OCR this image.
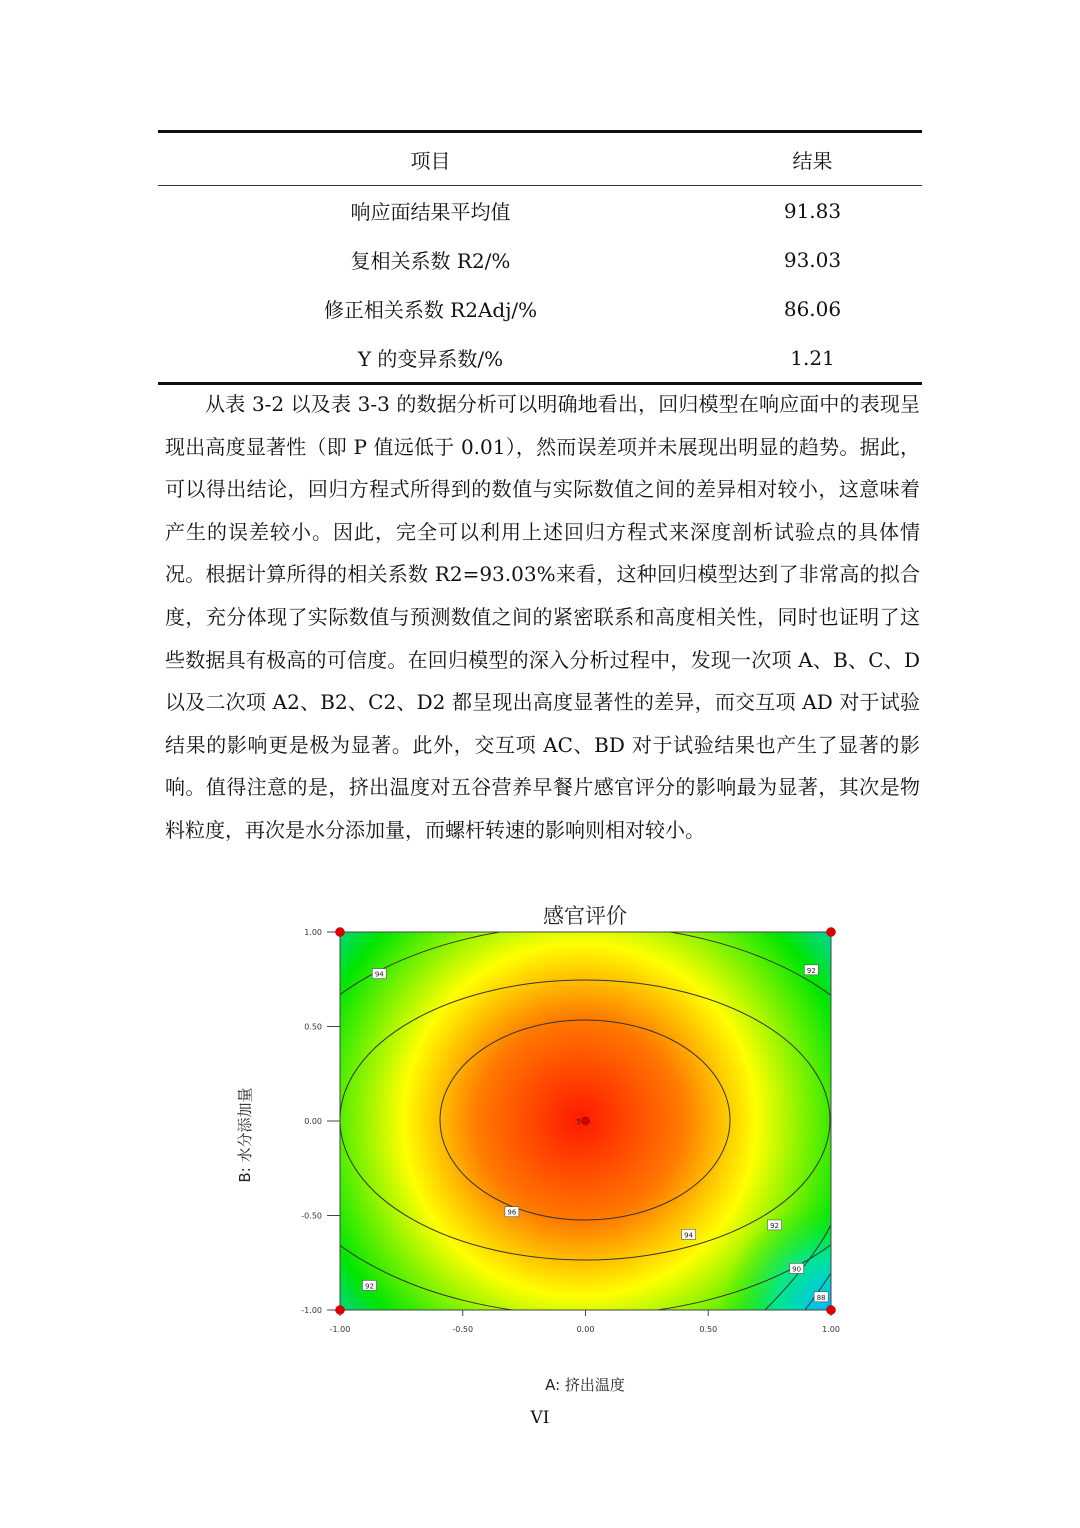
项目	结果
响应面结果平均值	91.83
复相关系数 R2/%	93.03
修正相关系数 R2Adj/%	86.06
Y 的变异系数/%	1.21

从表 3-2 以及表 3-3 的数据分析可以明确地看出，回归模型在响应面中的表现呈现出高度显著性（即 P 值远低于 0.01），然而误差项并未展现出明显的趋势。据此，可以得出结论，回归方程式所得到的数值与实际数值之间的差异相对较小，这意味着产生的误差较小。因此，完全可以利用上述回归方程式来深度剖析试验点的具体情况。根据计算所得的相关系数 R2=93.03%来看，这种回归模型达到了非常高的拟合度，充分体现了实际数值与预测数值之间的紧密联系和高度相关性，同时也证明了这些数据具有极高的可信度。在回归模型的深入分析过程中，发现一次项 A、B、C、D 以及二次项 A2、B2、C2、D2 都呈现出高度显著性的差异，而交互项 AD 对于试验结果的影响更是极为显著。此外，交互项 AC、BD 对于试验结果也产生了显著的影响。值得注意的是，挤出温度对五谷营养早餐片感官评分的影响最为显著，其次是物料粒度，再次是水分添加量，而螺杆转速的影响则相对较小。

感官评价
-1.00	-0.50	0.00	0.50	1.00
1.00
0.50
0.00
-0.50
-1.00
96
94
94
92
92
92
90
88
5
A: 挤出温度
B: 水分添加量
VI
